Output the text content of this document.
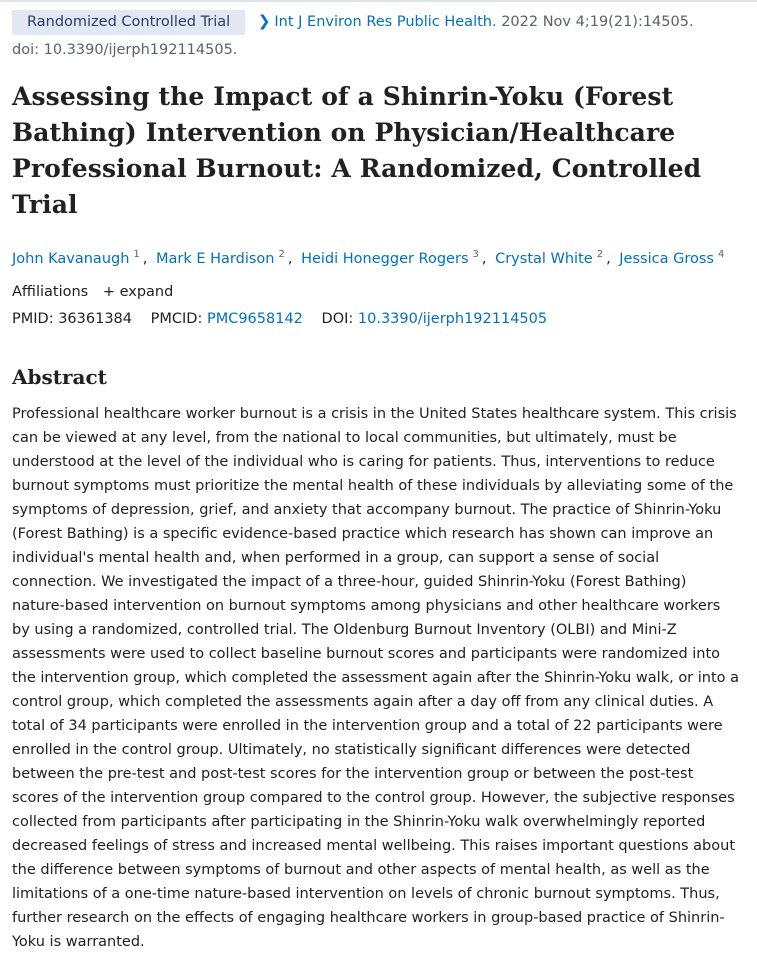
Randomized Controlled Trial ❯ Int J Environ Res Public Health. 2022 Nov 4;19(21):14505.
doi: 10.3390/ijerph192114505.
Assessing the Impact of a Shinrin-Yoku (Forest Bathing) Intervention on Physician/Healthcare Professional Burnout: A Randomized, Controlled Trial
John Kavanaugh $^1$ , Mark E Hardison $^2$ , Heidi Honegger Rogers $^3$ , Crystal White $^2$ , Jessica Gross $^4$
Affiliations + expand
PMID: 36361384 PMCID: PMC9658142 DOI: 10.3390/ijerph192114505
Abstract

Professional healthcare worker burnout is a crisis in the United States healthcare system. This crisis can be viewed at any level, from the national to local communities, but ultimately, must be understood at the level of the individual who is caring for patients. Thus, interventions to reduce burnout symptoms must prioritize the mental health of these individuals by alleviating some of the symptoms of depression, grief, and anxiety that accompany burnout. The practice of Shinrin-Yoku (Forest Bathing) is a specific evidence-based practice which research has shown can improve an individual's mental health and, when performed in a group, can support a sense of social connection. We investigated the impact of a three-hour, guided Shinrin-Yoku (Forest Bathing) nature-based intervention on burnout symptoms among physicians and other healthcare workers by using a randomized, controlled trial. The Oldenburg Burnout Inventory (OLBI) and Mini-Z assessments were used to collect baseline burnout scores and participants were randomized into the intervention group, which completed the assessment again after the Shinrin-Yoku walk, or into a control group, which completed the assessments again after a day off from any clinical duties. A total of 34 participants were enrolled in the intervention group and a total of 22 participants were enrolled in the control group. Ultimately, no statistically significant differences were detected between the pre-test and post-test scores for the intervention group or between the post-test scores of the intervention group compared to the control group. However, the subjective responses collected from participants after participating in the Shinrin-Yoku walk overwhelmingly reported decreased feelings of stress and increased mental wellbeing. This raises important questions about the difference between symptoms of burnout and other aspects of mental health, as well as the limitations of a one-time nature-based intervention on levels of chronic burnout symptoms. Thus, further research on the effects of engaging healthcare workers in group-based practice of Shinrin-Yoku is warranted.
